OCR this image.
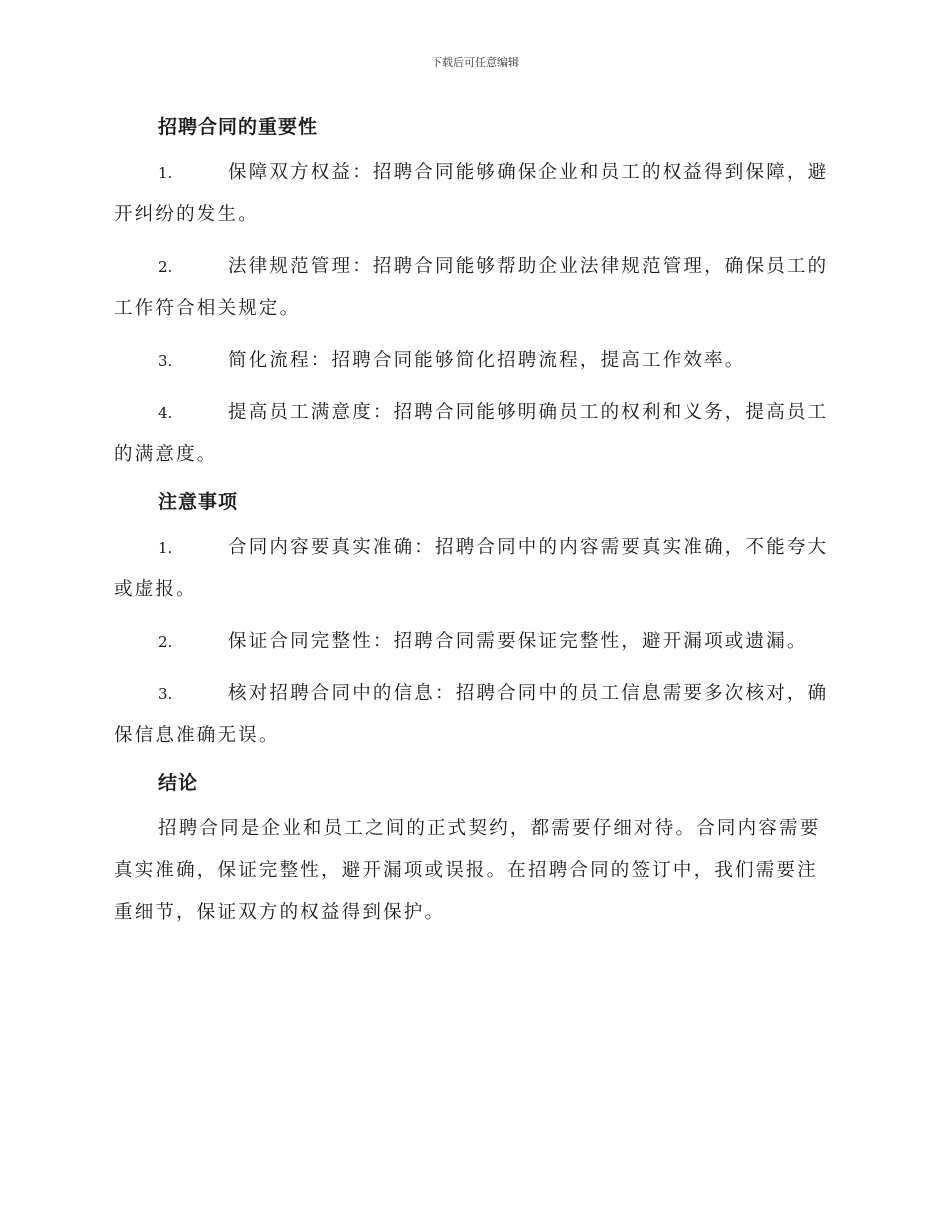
下载后可任意编辑
招聘合同的重要性

1.	保障双方权益：招聘合同能够确保企业和员工的权益得到保障，避开纠纷的发生。

2.	法律规范管理：招聘合同能够帮助企业法律规范管理，确保员工的工作符合相关规定。

3.	简化流程：招聘合同能够简化招聘流程，提高工作效率。

4.	提高员工满意度：招聘合同能够明确员工的权利和义务，提高员工的满意度。

注意事项

1.	合同内容要真实准确：招聘合同中的内容需要真实准确，不能夸大或虚报。

2.	保证合同完整性：招聘合同需要保证完整性，避开漏项或遗漏。

3.	核对招聘合同中的信息：招聘合同中的员工信息需要多次核对，确保信息准确无误。

结论

招聘合同是企业和员工之间的正式契约，都需要仔细对待。合同内容需要真实准确，保证完整性，避开漏项或误报。在招聘合同的签订中，我们需要注重细节，保证双方的权益得到保护。
